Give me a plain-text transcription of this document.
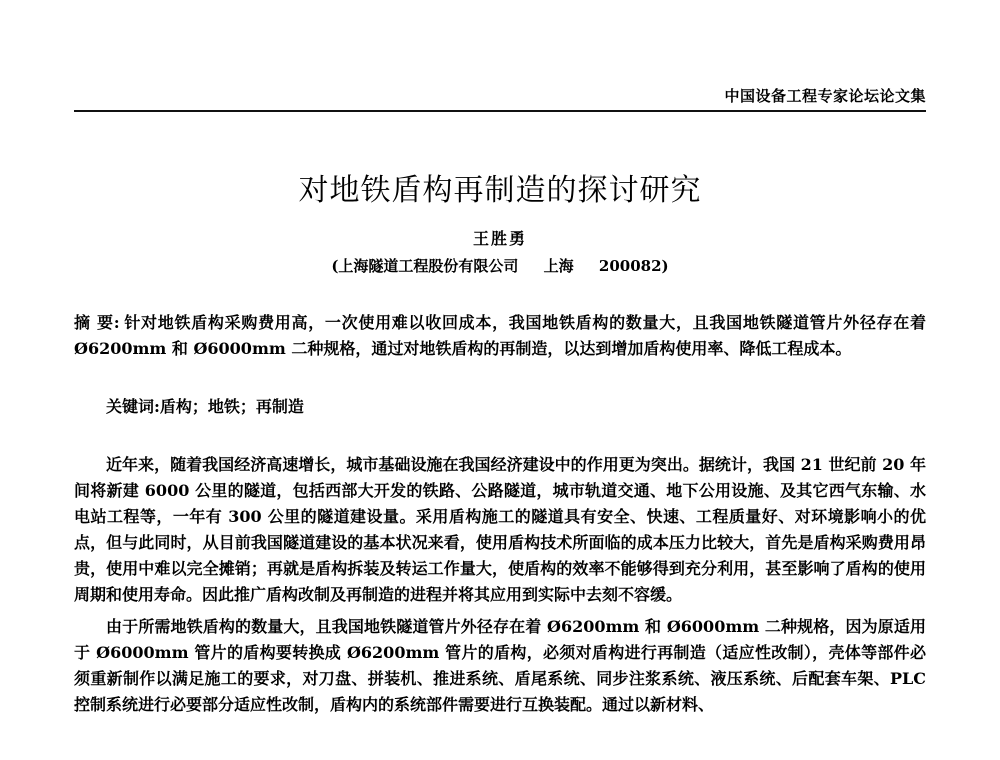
中国设备工程专家论坛论文集
对地铁盾构再制造的探讨研究
王胜勇
(上海隧道工程股份有限公司 上海 200082)
摘 要: 针对地铁盾构采购费用高，一次使用难以收回成本，我国地铁盾构的数量大，且我国地铁隧道管片外径存在着 Ø6200mm 和 Ø6000mm 二种规格，通过对地铁盾构的再制造，以达到增加盾构使用率、降低工程成本。
关键词:盾构；地铁；再制造

近年来，随着我国经济高速增长，城市基础设施在我国经济建设中的作用更为突出。据统计，我国 21 世纪前 20 年间将新建 6000 公里的隧道，包括西部大开发的铁路、公路隧道，城市轨道交通、地下公用设施、及其它西气东输、水电站工程等，一年有 300 公里的隧道建设量。采用盾构施工的隧道具有安全、快速、工程质量好、对环境影响小的优点，但与此同时，从目前我国隧道建设的基本状况来看，使用盾构技术所面临的成本压力比较大，首先是盾构采购费用昂贵，使用中难以完全摊销；再就是盾构拆装及转运工作量大，使盾构的效率不能够得到充分利用，甚至影响了盾构的使用周期和使用寿命。因此推广盾构改制及再制造的进程并将其应用到实际中去刻不容缓。

由于所需地铁盾构的数量大，且我国地铁隧道管片外径存在着 Ø6200mm 和 Ø6000mm 二种规格，因为原适用于 Ø6000mm 管片的盾构要转换成 Ø6200mm 管片的盾构，必须对盾构进行再制造（适应性改制），壳体等部件必须重新制作以满足施工的要求，对刀盘、拼装机、推进系统、盾尾系统、同步注浆系统、液压系统、后配套车架、PLC 控制系统进行必要部分适应性改制，盾构内的系统部件需要进行互换装配。通过以新材料、
